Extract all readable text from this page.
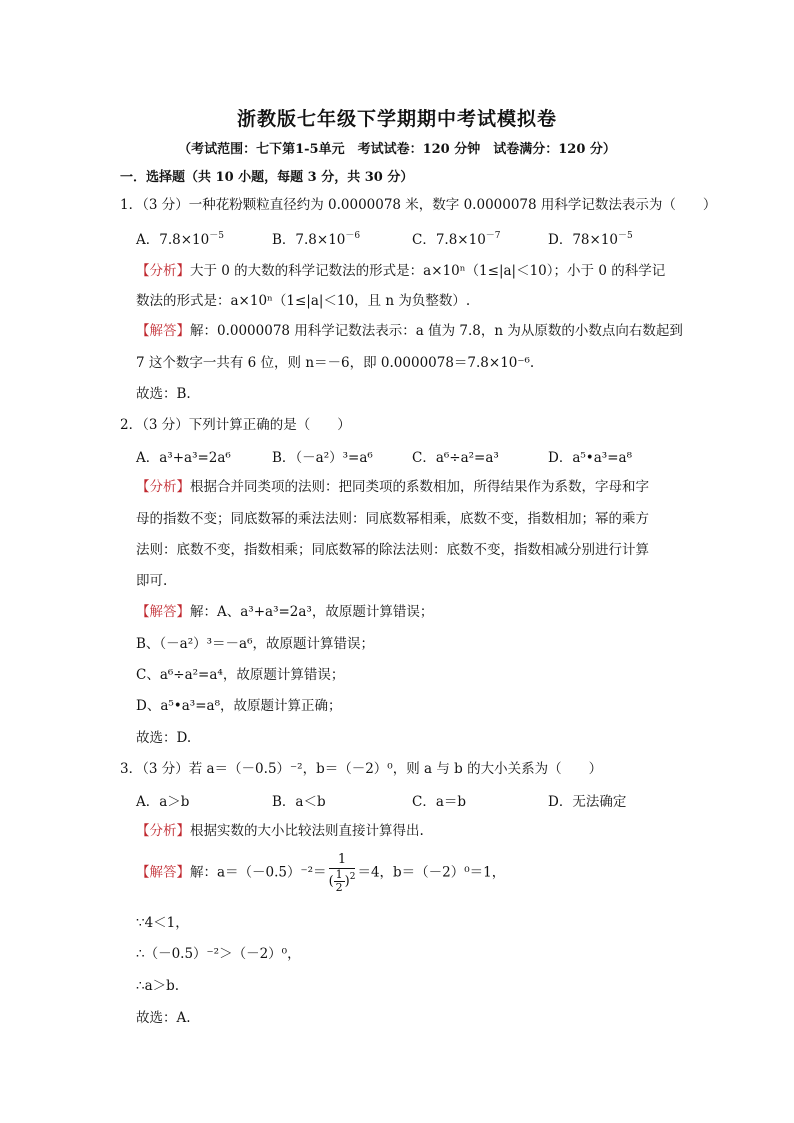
浙教版七年级下学期期中考试模拟卷
（考试范围：七下第1-5单元　考试试卷：120 分钟　试卷满分：120 分）
一．选择题（共 10 小题，每题 3 分，共 30 分）
1．（3 分）一种花粉颗粒直径约为 0.0000078 米，数字 0.0000078 用科学记数法表示为（　　）
A．$7.8\times 10^{-5}$	B．$7.8\times 10^{-6}$	C．$7.8\times 10^{-7}$	D．$78\times 10^{-5}$
【分析】大于 0 的大数的科学记数法的形式是：a×10ⁿ（1≤|a|＜10）；小于 0 的科学记
数法的形式是：a×10ⁿ（1≤|a|＜10，且 n 为负整数）.
【解答】解：0.0000078 用科学记数法表示：a 值为 7.8，n 为从原数的小数点向右数起到
7 这个数字一共有 6 位，则 n＝－6，即 0.0000078＝7.8×10⁻⁶.
故选：B.
2．（3 分）下列计算正确的是（　　）
A．a³+a³=2a⁶	B．（－a²）³=a⁶	C．a⁶÷a²=a³	D．a⁵•a³=a⁸
【分析】根据合并同类项的法则：把同类项的系数相加，所得结果作为系数，字母和字
母的指数不变；同底数幂的乘法法则：同底数幂相乘，底数不变，指数相加；幂的乘方
法则：底数不变，指数相乘；同底数幂的除法法则：底数不变，指数相减分别进行计算
即可.
【解答】解：A、a³+a³=2a³，故原题计算错误；
B、（－a²）³＝－a⁶，故原题计算错误；
C、a⁶÷a²=a⁴，故原题计算错误；
D、a⁵•a³=a⁸，故原题计算正确；
故选：D.
3．（3 分）若 a＝（－0.5）⁻²，b＝（－2）⁰，则 a 与 b 的大小关系为（　　）
A．a＞b	B．a＜b	C．a＝b	D．无法确定
【分析】根据实数的大小比较法则直接计算得出.
【解答】解：$a=(-0.5)^{-2}= \frac{1}{( \frac{1}{2} )^2} =4$，b＝（－2）⁰＝1，
∵4＜1，
∴（－0.5）⁻²＞（－2）⁰，
∴a＞b.
故选：A.
